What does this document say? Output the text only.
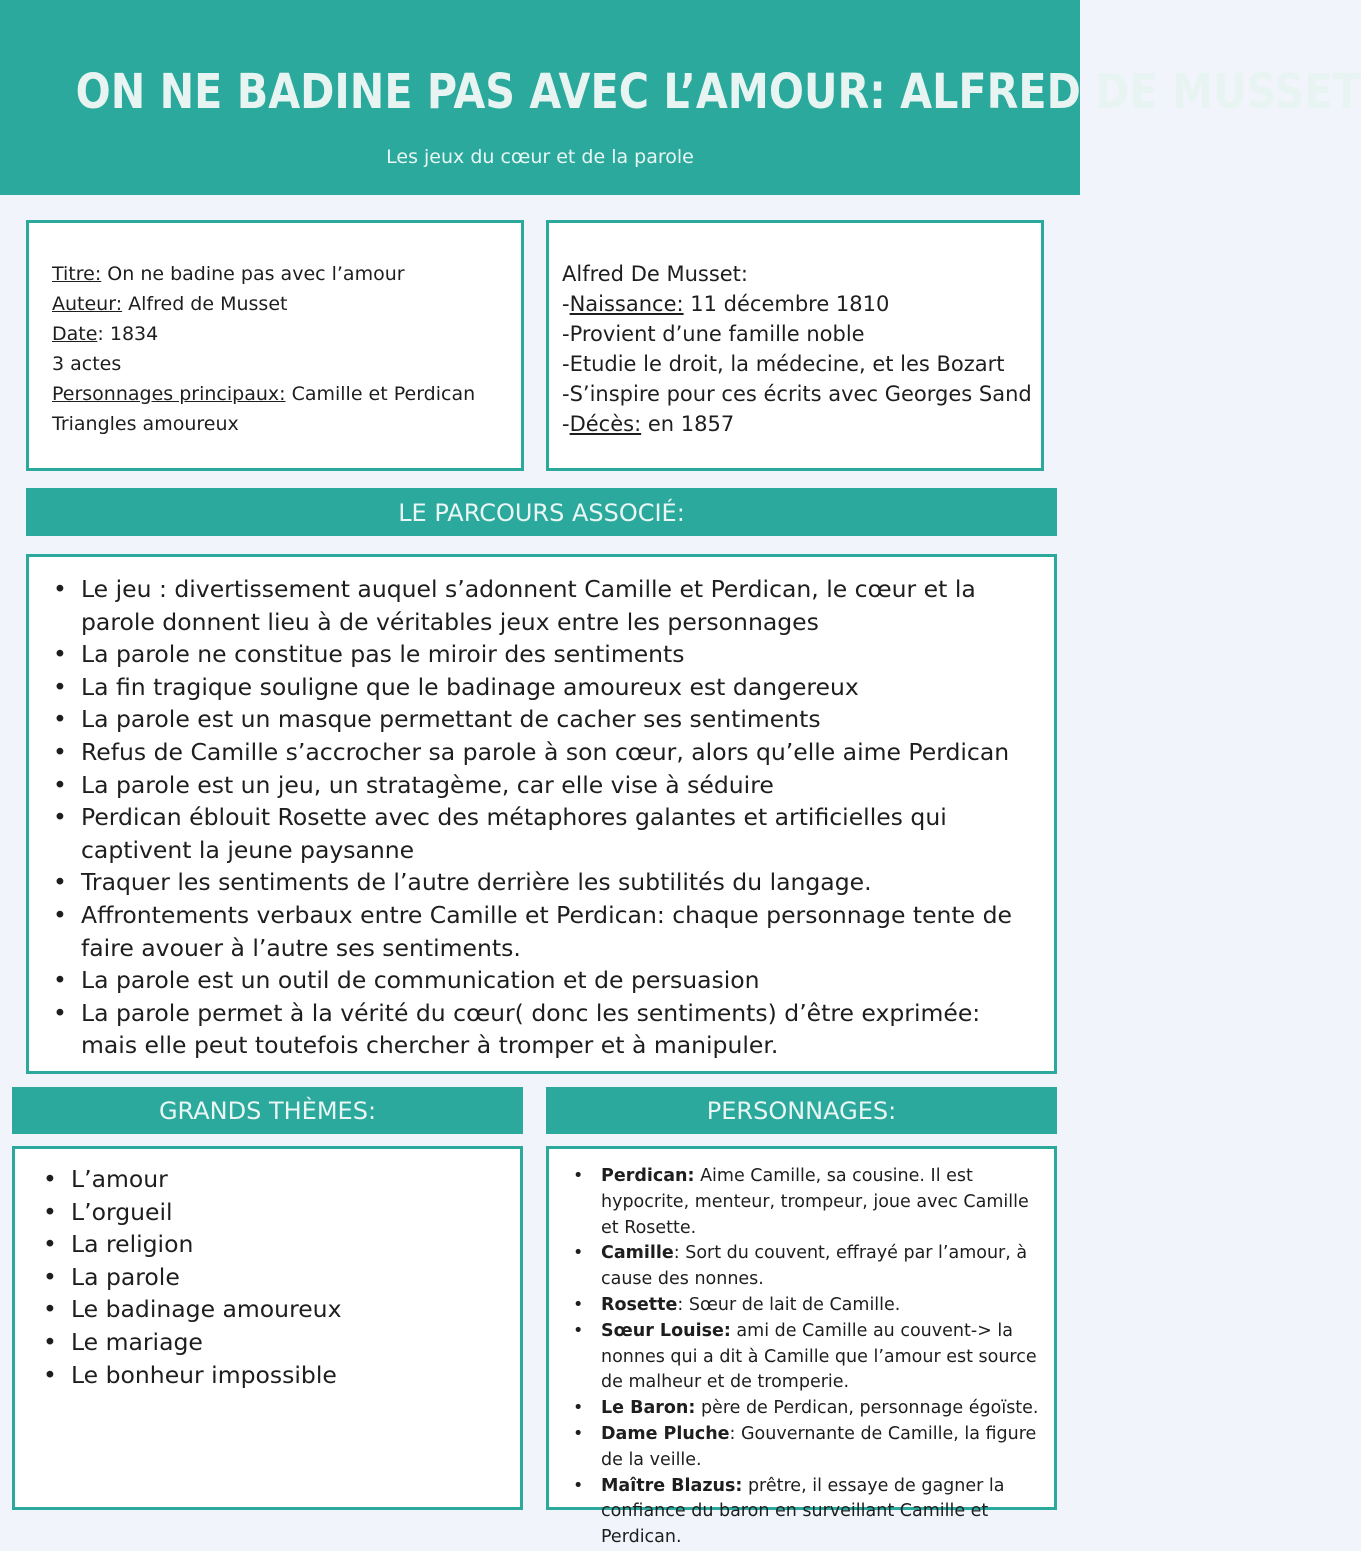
ON NE BADINE PAS AVEC L’AMOUR: ALFRED DE MUSSET
Les jeux du cœur et de la parole
Titre: On ne badine pas avec l’amour
Auteur: Alfred de Musset
Date: 1834
3 actes
Personnages principaux: Camille et Perdican
Triangles amoureux
Alfred De Musset:
-Naissance: 11 décembre 1810
-Provient d’une famille noble
-Etudie le droit, la médecine, et les Bozart
-S’inspire pour ces écrits avec Georges Sand
-Décès: en 1857
LE PARCOURS ASSOCIÉ:
• Le jeu : divertissement auquel s’adonnent Camille et Perdican, le cœur et la parole donnent lieu à de véritables jeux entre les personnages
• La parole ne constitue pas le miroir des sentiments
• La fin tragique souligne que le badinage amoureux est dangereux
• La parole est un masque permettant de cacher ses sentiments
• Refus de Camille s’accrocher sa parole à son cœur, alors qu’elle aime Perdican
• La parole est un jeu, un stratagème, car elle vise à séduire
• Perdican éblouit Rosette avec des métaphores galantes et artificielles qui captivent la jeune paysanne
• Traquer les sentiments de l’autre derrière les subtilités du langage.
• Affrontements verbaux entre Camille et Perdican: chaque personnage tente de faire avouer à l’autre ses sentiments.
• La parole est un outil de communication et de persuasion
• La parole permet à la vérité du cœur( donc les sentiments) d’être exprimée: mais elle peut toutefois chercher à tromper et à manipuler.
GRANDS THÈMES:	PERSONNAGES:
• L’amour
• L’orgueil
• La religion
• La parole
• Le badinage amoureux
• Le mariage
• Le bonheur impossible
• Perdican: Aime Camille, sa cousine. Il est hypocrite, menteur, trompeur, joue avec Camille et Rosette.
• Camille: Sort du couvent, effrayé par l’amour, à cause des nonnes.
• Rosette: Sœur de lait de Camille.
• Sœur Louise: ami de Camille au couvent-> la nonnes qui a dit à Camille que l’amour est source de malheur et de tromperie.
• Le Baron: père de Perdican, personnage égoïste.
• Dame Pluche: Gouvernante de Camille, la figure de la veille.
• Maître Blazus: prêtre, il essaye de gagner la confiance du baron en surveillant Camille et Perdican.
